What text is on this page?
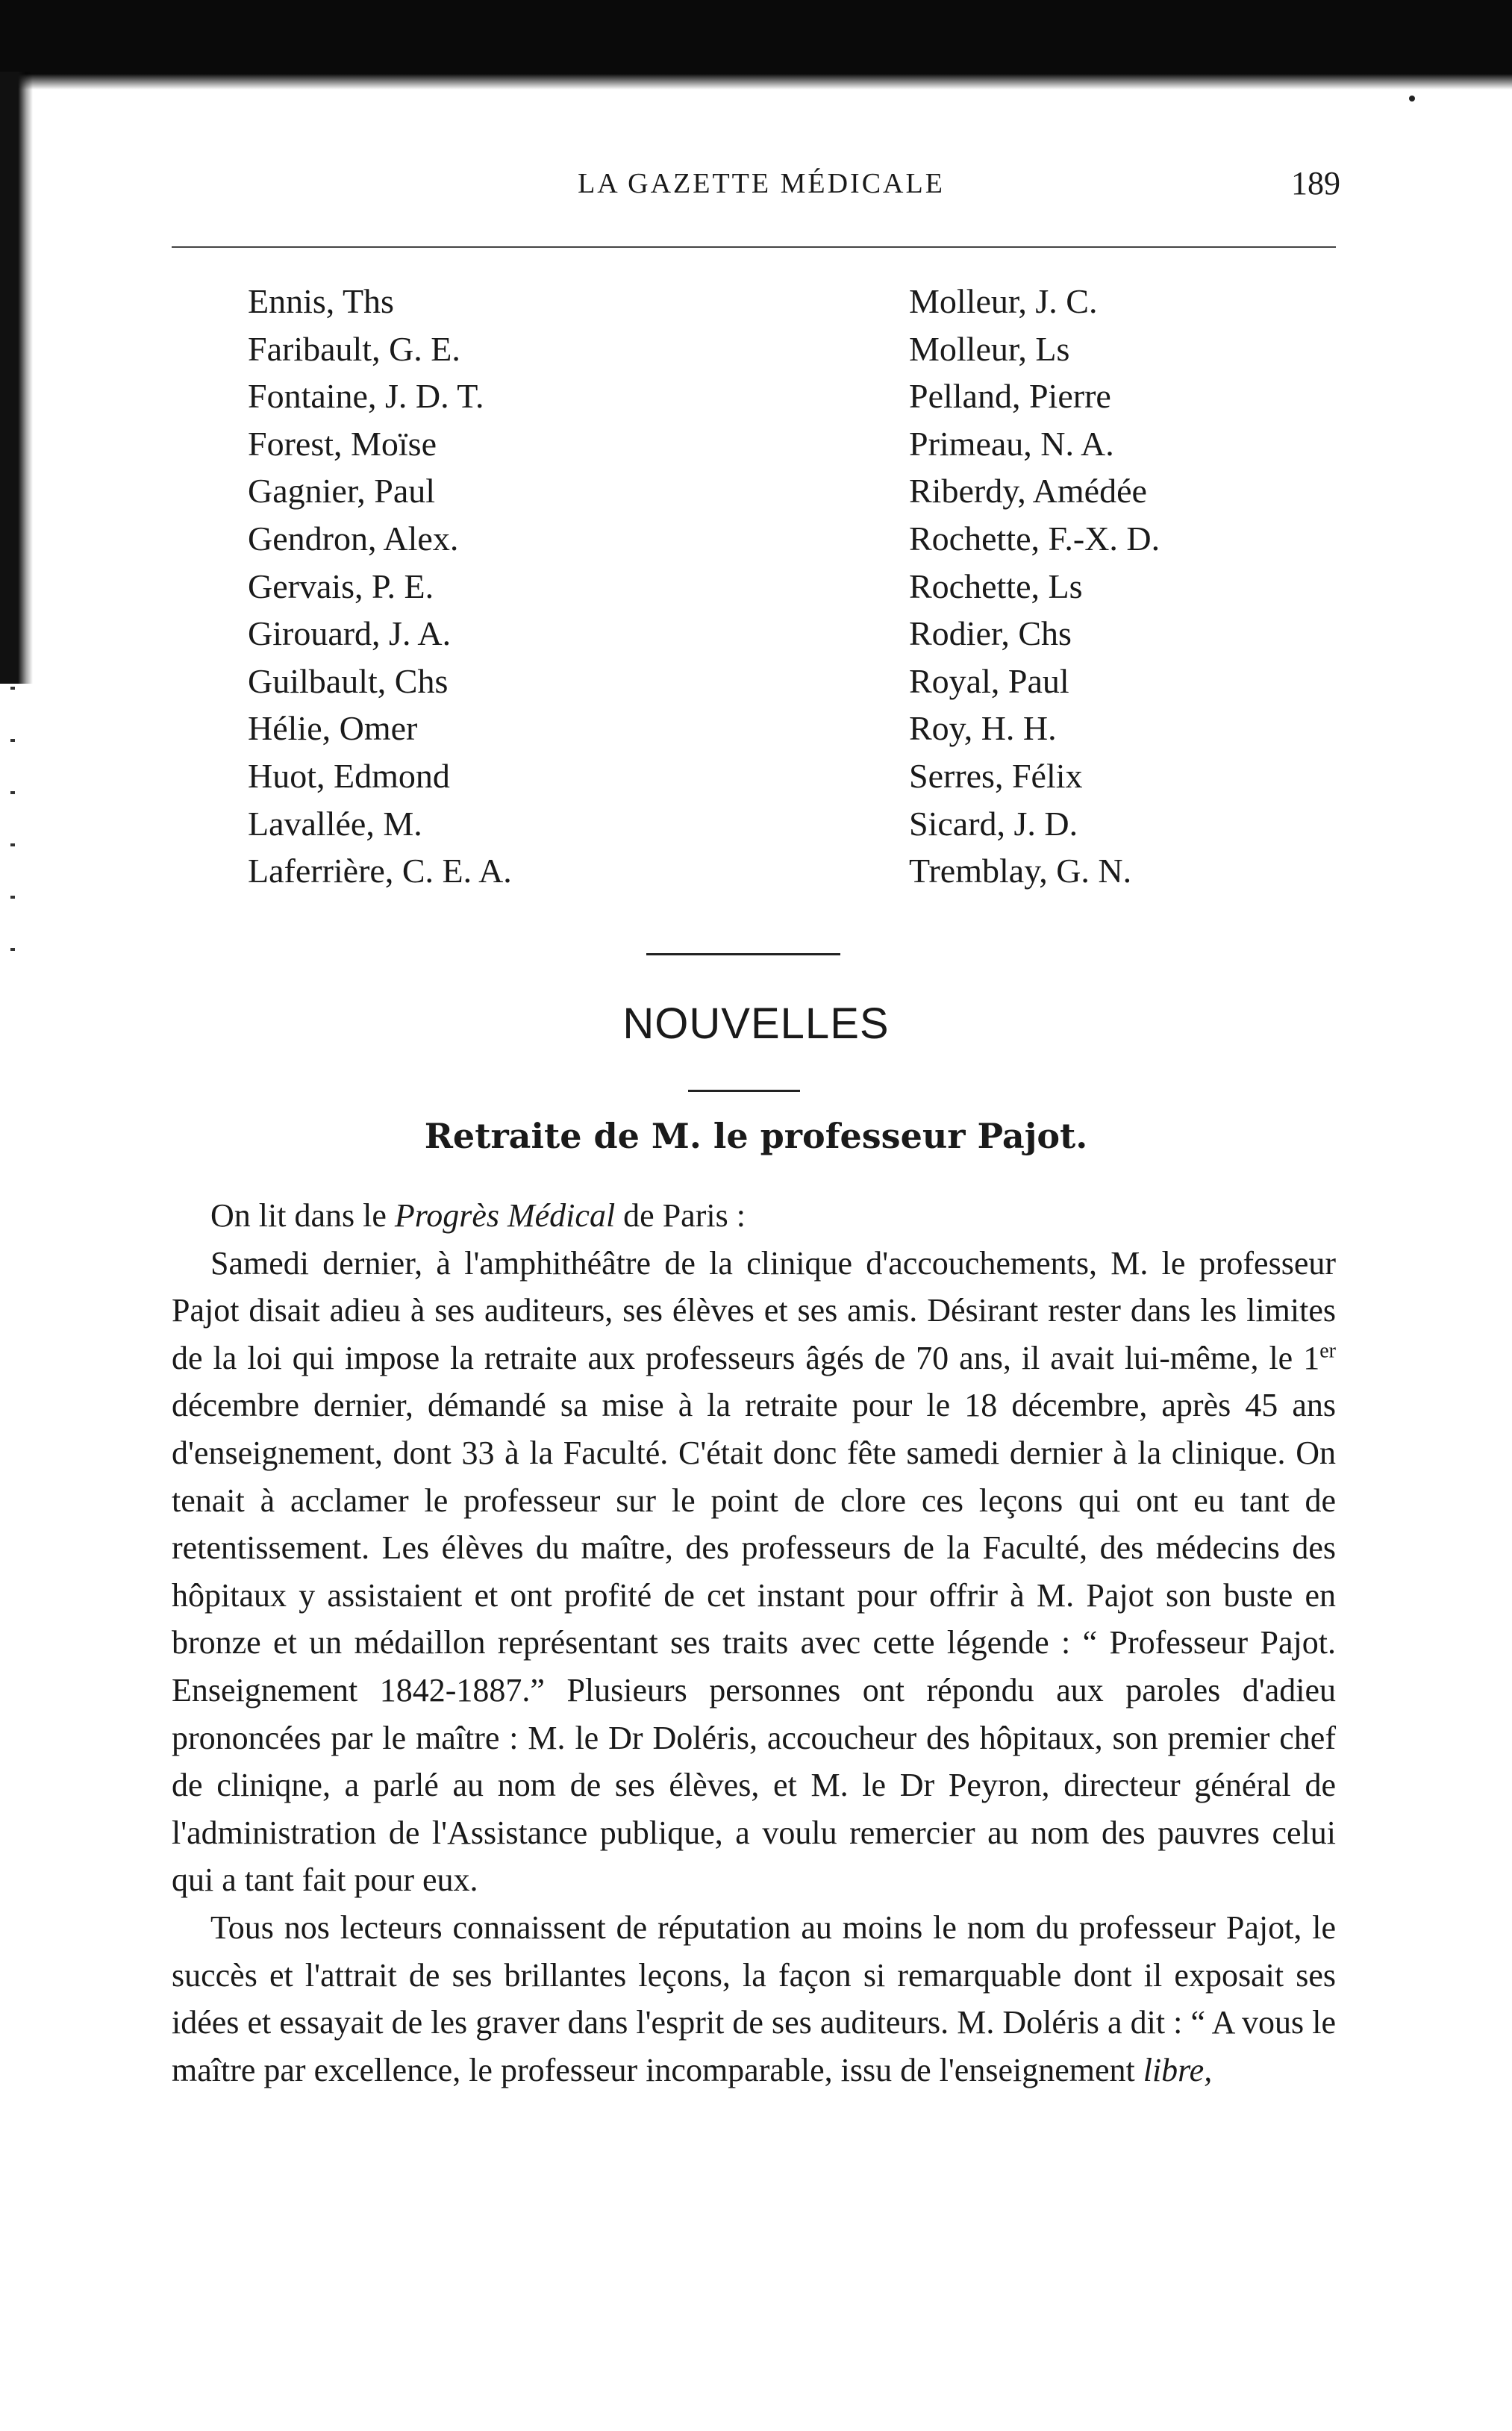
LA GAZETTE MÉDICALE	189
Ennis, Ths
Faribault, G. E.
Fontaine, J. D. T.
Forest, Moïse
Gagnier, Paul
Gendron, Alex.
Gervais, P. E.
Girouard, J. A.
Guilbault, Chs
Hélie, Omer
Huot, Edmond
Lavallée, M.
Laferrière, C. E. A.
Molleur, J. C.
Molleur, Ls
Pelland, Pierre
Primeau, N. A.
Riberdy, Amédée
Rochette, F.-X. D.
Rochette, Ls
Rodier, Chs
Royal, Paul
Roy, H. H.
Serres, Félix
Sicard, J. D.
Tremblay, G. N.
NOUVELLES
Retraite de M. le professeur Pajot.

On lit dans le Progrès Médical de Paris :

Samedi dernier, à l'amphithéâtre de la clinique d'accouchements, M. le professeur Pajot disait adieu à ses auditeurs, ses élèves et ses amis. Désirant rester dans les limites de la loi qui impose la retraite aux professeurs âgés de 70 ans, il avait lui-même, le 1er décembre dernier, démandé sa mise à la retraite pour le 18 décembre, après 45 ans d'enseignement, dont 33 à la Faculté. C'était donc fête samedi dernier à la clinique. On tenait à acclamer le professeur sur le point de clore ces leçons qui ont eu tant de retentissement. Les élèves du maître, des professeurs de la Faculté, des médecins des hôpitaux y assistaient et ont profité de cet instant pour offrir à M. Pajot son buste en bronze et un médaillon représentant ses traits avec cette légende : “ Professeur Pajot. Enseignement 1842-1887.” Plusieurs personnes ont répondu aux paroles d'adieu prononcées par le maître : M. le Dr Doléris, accoucheur des hôpitaux, son premier chef de cliniqne, a parlé au nom de ses élèves, et M. le Dr Peyron, directeur général de l'administration de l'Assistance publique, a voulu remercier au nom des pauvres celui qui a tant fait pour eux.

Tous nos lecteurs connaissent de réputation au moins le nom du professeur Pajot, le succès et l'attrait de ses brillantes leçons, la façon si remarquable dont il exposait ses idées et essayait de les graver dans l'esprit de ses auditeurs. M. Doléris a dit : “ A vous le maître par excellence, le professeur incomparable, issu de l'enseignement libre,
